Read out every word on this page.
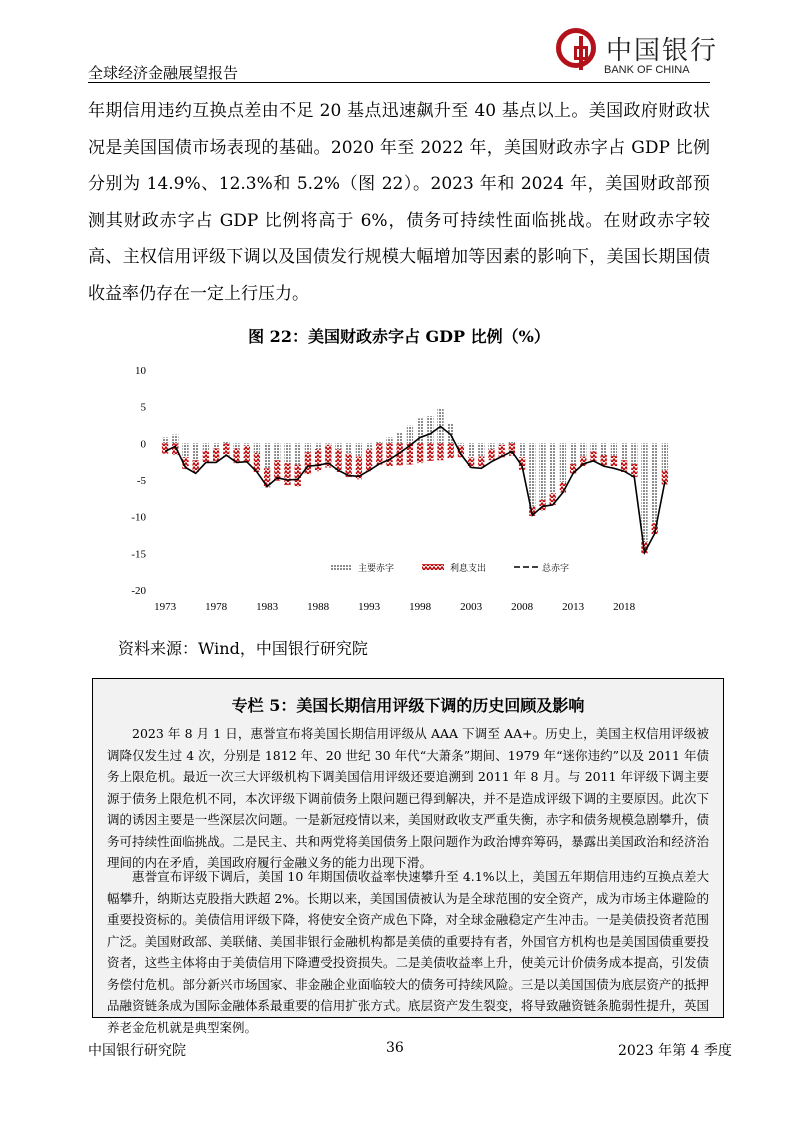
全球经济金融展望报告
中国银行
BANK OF CHINA

年期信用违约互换点差由不足 20 基点迅速飙升至 40 基点以上。美国政府财政状况是美国国债市场表现的基础。2020 年至 2022 年，美国财政赤字占 GDP 比例分别为 14.9%、12.3%和 5.2%（图 22）。2023 年和 2024 年，美国财政部预测其财政赤字占 GDP 比例将高于 6%，债务可持续性面临挑战。在财政赤字较高、主权信用评级下调以及国债发行规模大幅增加等因素的影响下，美国长期国债收益率仍存在一定上行压力。

图 22：美国财政赤字占 GDP 比例（%）
10
5
0
-5
-10
-15
-20
1973	1978	1983	1988	1993	1998	2003	2008	2013	2018
主要赤字	利息支出	总赤字
资料来源：Wind，中国银行研究院
专栏 5：美国长期信用评级下调的历史回顾及影响

2023 年 8 月 1 日，惠誉宣布将美国长期信用评级从 AAA 下调至 AA+。历史上，美国主权信用评级被调降仅发生过 4 次，分别是 1812 年、20 世纪 30 年代“大萧条”期间、1979 年“迷你违约”以及 2011 年债务上限危机。最近一次三大评级机构下调美国信用评级还要追溯到 2011 年 8 月。与 2011 年评级下调主要源于债务上限危机不同，本次评级下调前债务上限问题已得到解决，并不是造成评级下调的主要原因。此次下调的诱因主要是一些深层次问题。一是新冠疫情以来，美国财政收支严重失衡，赤字和债务规模急剧攀升，债务可持续性面临挑战。二是民主、共和两党将美国债务上限问题作为政治博弈筹码，暴露出美国政治和经济治理间的内在矛盾，美国政府履行金融义务的能力出现下滑。

惠誉宣布评级下调后，美国 10 年期国债收益率快速攀升至 4.1%以上，美国五年期信用违约互换点差大幅攀升，纳斯达克股指大跌超 2%。长期以来，美国国债被认为是全球范围的安全资产，成为市场主体避险的重要投资标的。美债信用评级下降，将使安全资产成色下降，对全球金融稳定产生冲击。一是美债投资者范围广泛。美国财政部、美联储、美国非银行金融机构都是美债的重要持有者，外国官方机构也是美国国债重要投资者，这些主体将由于美债信用下降遭受投资损失。二是美债收益率上升，使美元计价债务成本提高，引发债务偿付危机。部分新兴市场国家、非金融企业面临较大的债务可持续风险。三是以美国国债为底层资产的抵押品融资链条成为国际金融体系最重要的信用扩张方式。底层资产发生裂变，将导致融资链条脆弱性提升，英国养老金危机就是典型案例。

中国银行研究院	36	2023 年第 4 季度
